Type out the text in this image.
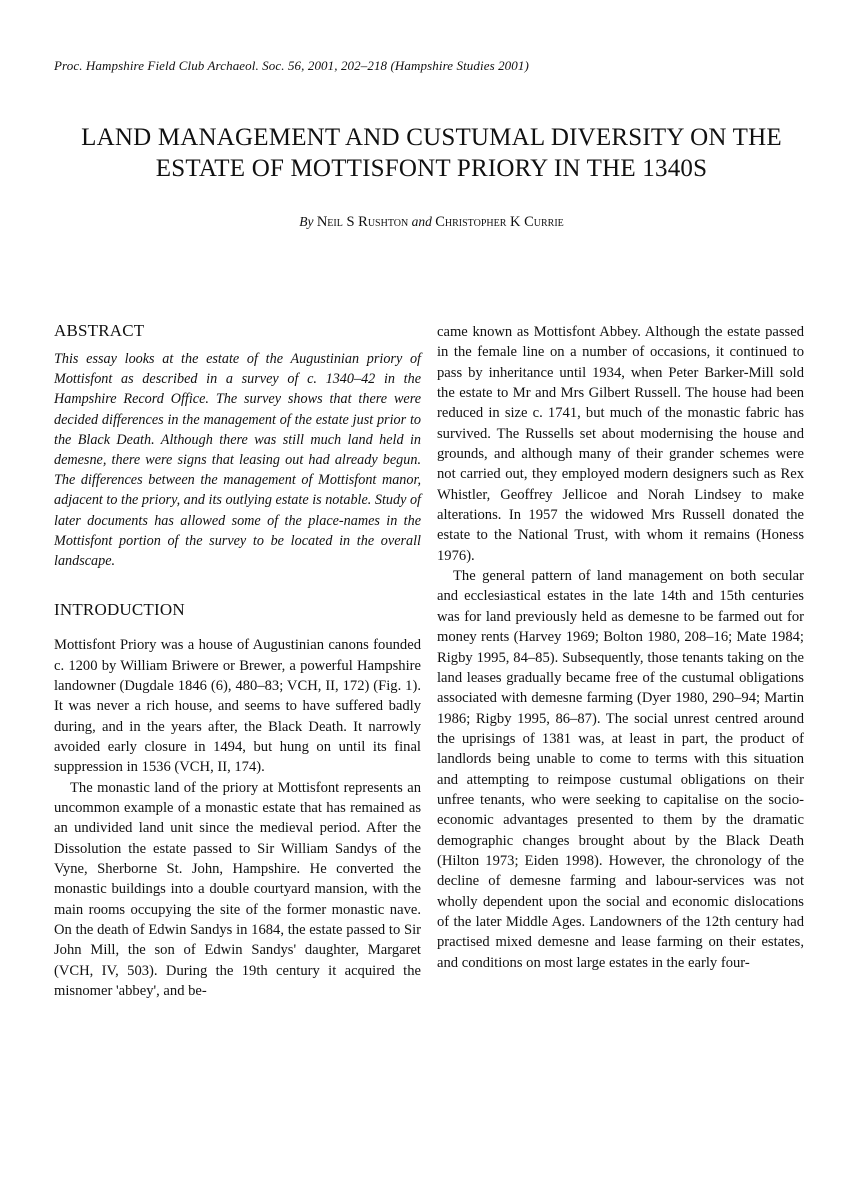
Proc. Hampshire Field Club Archaeol. Soc. 56, 2001, 202–218 (Hampshire Studies 2001)
LAND MANAGEMENT AND CUSTUMAL DIVERSITY ON THE
ESTATE OF MOTTISFONT PRIORY IN THE 1340S
By Neil S Rushton and Christopher K Currie
ABSTRACT

This essay looks at the estate of the Augustinian priory of Mottisfont as described in a survey of c. 1340–42 in the Hampshire Record Office. The survey shows that there were decided differences in the management of the estate just prior to the Black Death. Although there was still much land held in demesne, there were signs that leasing out had already begun. The differences between the management of Mottisfont manor, adjacent to the priory, and its outlying estate is notable. Study of later documents has allowed some of the place-names in the Mottisfont portion of the survey to be located in the overall landscape.

INTRODUCTION

Mottisfont Priory was a house of Augustinian canons founded c. 1200 by William Briwere or Brewer, a powerful Hampshire landowner (Dugdale 1846 (6), 480–83; VCH, II, 172) (Fig. 1). It was never a rich house, and seems to have suffered badly during, and in the years after, the Black Death. It narrowly avoided early closure in 1494, but hung on until its final suppression in 1536 (VCH, II, 174).

The monastic land of the priory at Mottisfont represents an uncommon example of a monastic estate that has remained as an undivided land unit since the medieval period. After the Dissolution the estate passed to Sir William Sandys of the Vyne, Sherborne St. John, Hampshire. He converted the monastic buildings into a double courtyard mansion, with the main rooms occupying the site of the former monastic nave. On the death of Edwin Sandys in 1684, the estate passed to Sir John Mill, the son of Edwin Sandys' daughter, Margaret (VCH, IV, 503). During the 19th century it acquired the misnomer 'abbey', and be-

came known as Mottisfont Abbey. Although the estate passed in the female line on a number of occasions, it continued to pass by inheritance until 1934, when Peter Barker-Mill sold the estate to Mr and Mrs Gilbert Russell. The house had been reduced in size c. 1741, but much of the monastic fabric has survived. The Russells set about modernising the house and grounds, and although many of their grander schemes were not carried out, they employed modern designers such as Rex Whistler, Geoffrey Jellicoe and Norah Lindsey to make alterations. In 1957 the widowed Mrs Russell donated the estate to the National Trust, with whom it remains (Honess 1976).

The general pattern of land management on both secular and ecclesiastical estates in the late 14th and 15th centuries was for land previously held as demesne to be farmed out for money rents (Harvey 1969; Bolton 1980, 208–16; Mate 1984; Rigby 1995, 84–85). Subsequently, those tenants taking on the land leases gradually became free of the custumal obligations associated with demesne farming (Dyer 1980, 290–94; Martin 1986; Rigby 1995, 86–87). The social unrest centred around the uprisings of 1381 was, at least in part, the product of landlords being unable to come to terms with this situation and attempting to reimpose custumal obligations on their unfree tenants, who were seeking to capitalise on the socio-economic advantages presented to them by the dramatic demographic changes brought about by the Black Death (Hilton 1973; Eiden 1998). However, the chronology of the decline of demesne farming and labour-services was not wholly dependent upon the social and economic dislocations of the later Middle Ages. Landowners of the 12th century had practised mixed demesne and lease farming on their estates, and conditions on most large estates in the early four-
